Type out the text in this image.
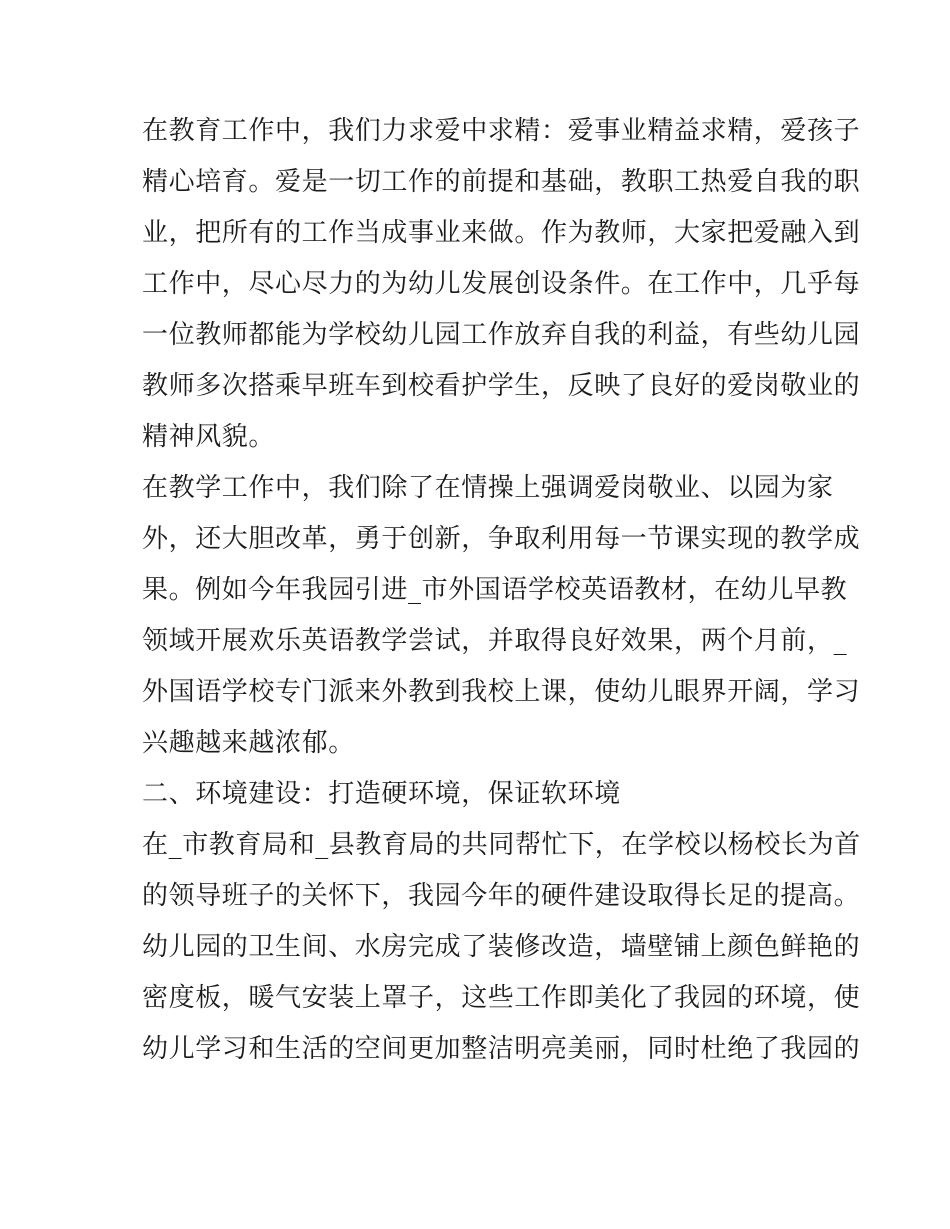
在教育工作中，我们力求爱中求精：爱事业精益求精，爱孩子
精心培育。爱是一切工作的前提和基础，教职工热爱自我的职
业，把所有的工作当成事业来做。作为教师，大家把爱融入到
工作中，尽心尽力的为幼儿发展创设条件。在工作中，几乎每
一位教师都能为学校幼儿园工作放弃自我的利益，有些幼儿园
教师多次搭乘早班车到校看护学生，反映了良好的爱岗敬业的
精神风貌。
在教学工作中，我们除了在情操上强调爱岗敬业、以园为家
外，还大胆改革，勇于创新，争取利用每一节课实现的教学成
果。例如今年我园引进_市外国语学校英语教材，在幼儿早教
领域开展欢乐英语教学尝试，并取得良好效果，两个月前，_
外国语学校专门派来外教到我校上课，使幼儿眼界开阔，学习
兴趣越来越浓郁。
二、环境建设：打造硬环境，保证软环境
在_市教育局和_县教育局的共同帮忙下，在学校以杨校长为首
的领导班子的关怀下，我园今年的硬件建设取得长足的提高。
幼儿园的卫生间、水房完成了装修改造，墙壁铺上颜色鲜艳的
密度板，暖气安装上罩子，这些工作即美化了我园的环境，使
幼儿学习和生活的空间更加整洁明亮美丽，同时杜绝了我园的
